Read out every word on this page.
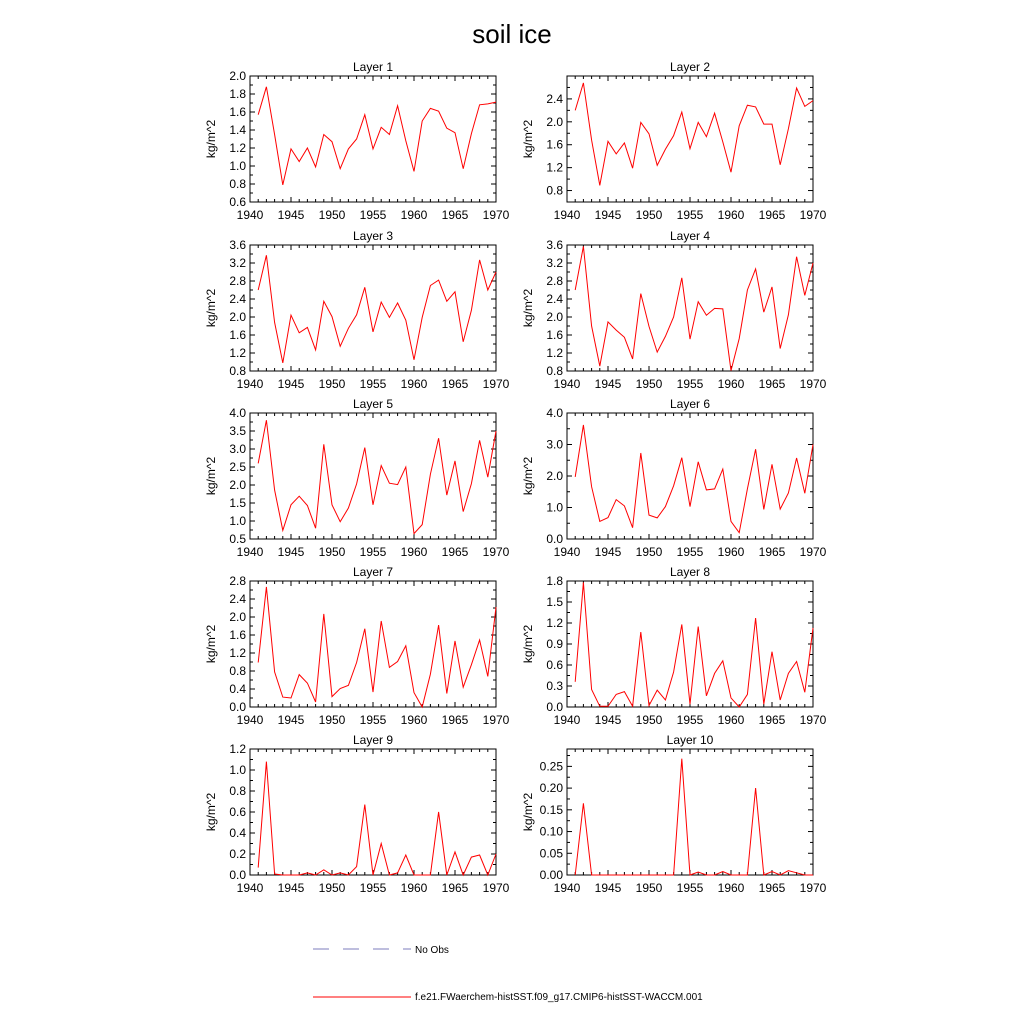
soil ice
Layer 1
1940 1945 1950 1955 1960 1965 1970
0.6
0.8
1.0
1.2
1.4
1.6
1.8
2.0
kg/m^2
Layer 2
1940 1945 1950 1955 1960 1965 1970
0.8
1.2
1.6
2.0
2.4
kg/m^2
Layer 3
1940 1945 1950 1955 1960 1965 1970
0.8
1.2
1.6
2.0
2.4
2.8
3.2
3.6
kg/m^2
Layer 4
1940 1945 1950 1955 1960 1965 1970
0.8
1.2
1.6
2.0
2.4
2.8
3.2
3.6
kg/m^2
Layer 5
1940 1945 1950 1955 1960 1965 1970
0.5
1.0
1.5
2.0
2.5
3.0
3.5
4.0
kg/m^2
Layer 6
1940 1945 1950 1955 1960 1965 1970
0.0
1.0
2.0
3.0
4.0
kg/m^2
Layer 7
1940 1945 1950 1955 1960 1965 1970
0.0
0.4
0.8
1.2
1.6
2.0
2.4
2.8
kg/m^2
Layer 8
1940 1945 1950 1955 1960 1965 1970
0.0
0.3
0.6
0.9
1.2
1.5
1.8
kg/m^2
Layer 9
1940 1945 1950 1955 1960 1965 1970
0.0
0.2
0.4
0.6
0.8
1.0
1.2
kg/m^2
Layer 10
1940 1945 1950 1955 1960 1965 1970
0.00
0.05
0.10
0.15
0.20
0.25
kg/m^2
No Obs
f.e21.FWaerchem-histSST.f09_g17.CMIP6-histSST-WACCM.001
